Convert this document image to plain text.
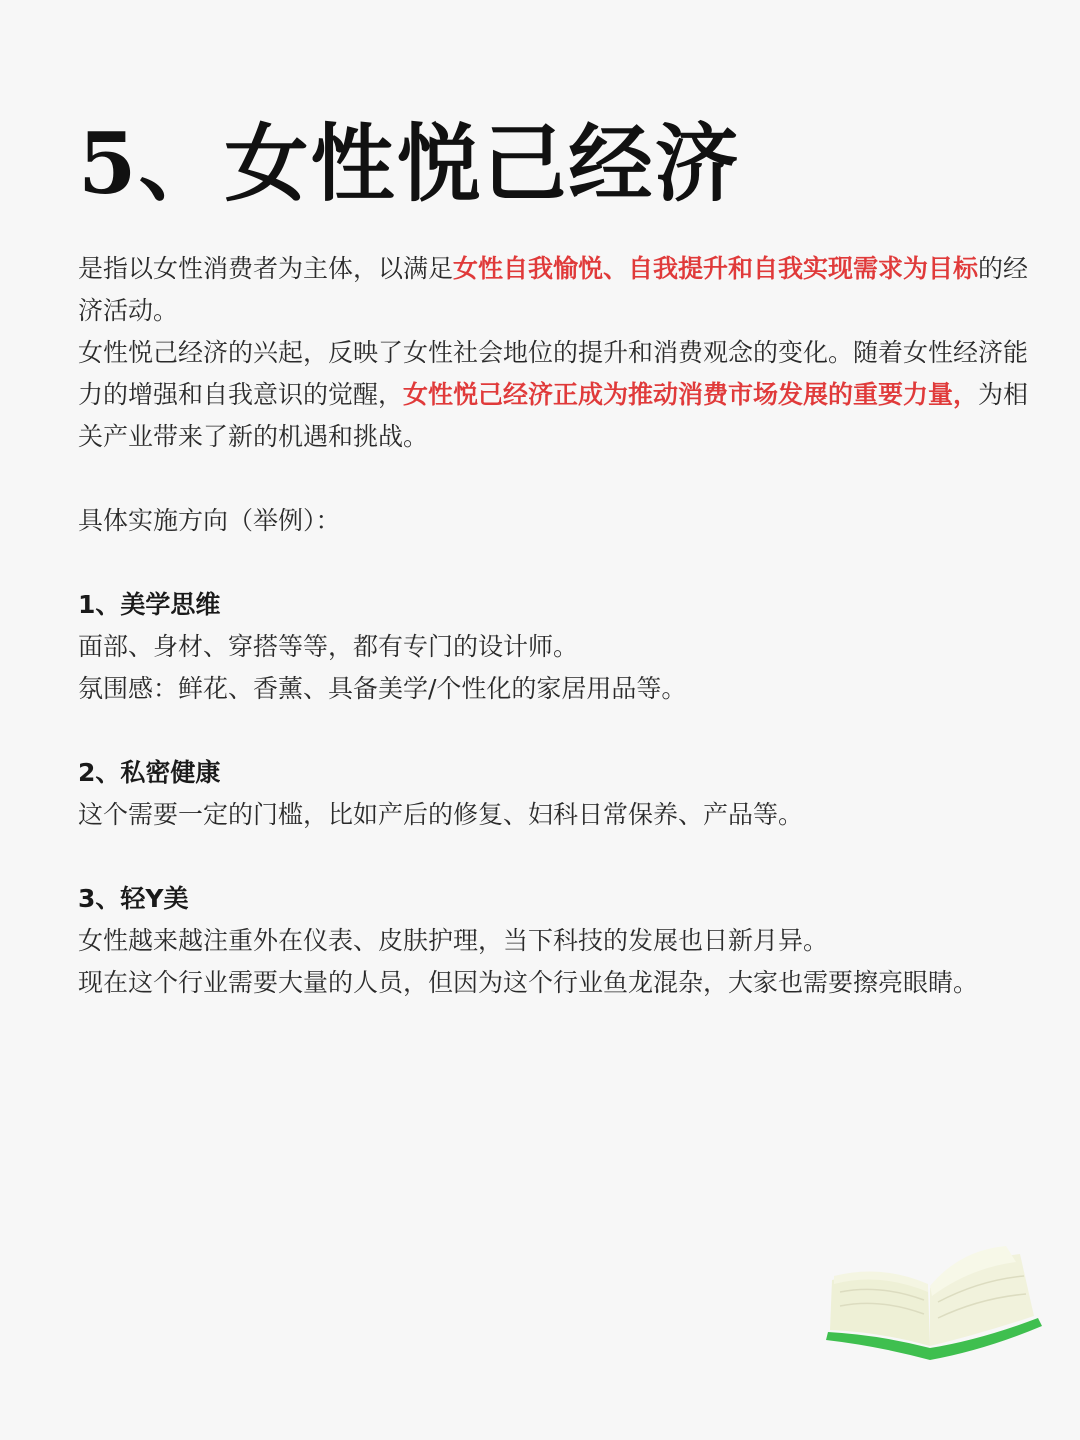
5、女性悦己经济

是指以女性消费者为主体，以满足女性自我愉悦、自我提升和自我实现需求为目标的经济活动。

女性悦己经济的兴起，反映了女性社会地位的提升和消费观念的变化。随着女性经济能力的增强和自我意识的觉醒，女性悦己经济正成为推动消费市场发展的重要力量，为相关产业带来了新的机遇和挑战。

具体实施方向（举例）：

1、美学思维

面部、身材、穿搭等等，都有专门的设计师。

氛围感：鲜花、香薰、具备美学/个性化的家居用品等。

2、私密健康

这个需要一定的门槛，比如产后的修复、妇科日常保养、产品等。

3、轻Y美

女性越来越注重外在仪表、皮肤护理，当下科技的发展也日新月异。

现在这个行业需要大量的人员，但因为这个行业鱼龙混杂，大家也需要擦亮眼睛。
